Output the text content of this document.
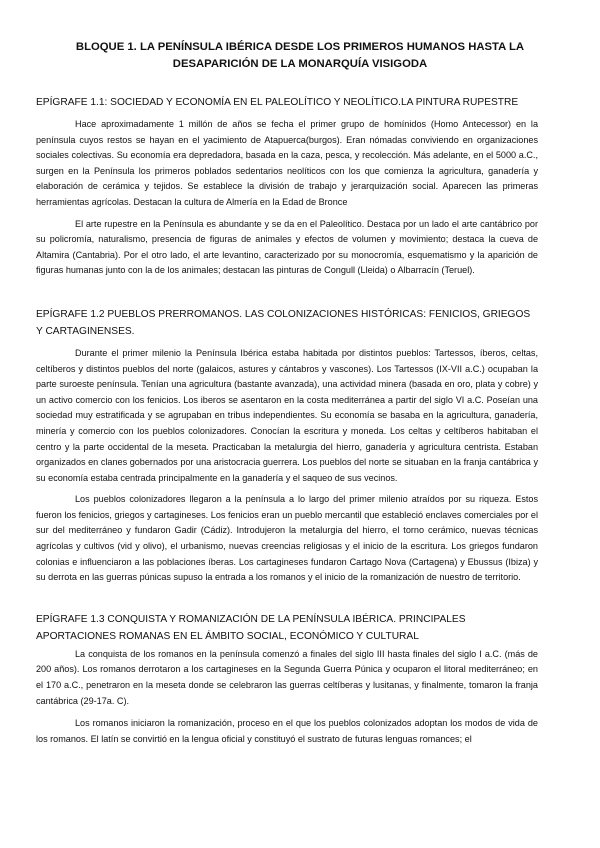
BLOQUE 1. LA PENÍNSULA IBÉRICA DESDE LOS PRIMEROS HUMANOS HASTA LA
DESAPARICIÓN DE LA MONARQUÍA VISIGODA
EPÍGRAFE 1.1: SOCIEDAD Y ECONOMÍA EN EL PALEOLÍTICO Y NEOLÍTICO.LA PINTURA RUPESTRE

Hace aproximadamente 1 millón de años se fecha el primer grupo de homínidos (Homo Antecessor) en la península cuyos restos se hayan en el yacimiento de Atapuerca(burgos). Eran nómadas conviviendo en organizaciones sociales colectivas. Su economía era depredadora, basada en la caza, pesca, y recolección. Más adelante, en el 5000 a.C., surgen en la Península los primeros poblados sedentarios neolíticos con los que comienza la agricultura, ganadería y elaboración de cerámica y tejidos. Se establece la división de trabajo y jerarquización social. Aparecen las primeras herramientas agrícolas. Destacan la cultura de Almería en la Edad de Bronce

El arte rupestre en la Península es abundante y se da en el Paleolítico. Destaca por un lado el arte cantábrico por su policromía, naturalismo, presencia de figuras de animales y efectos de volumen y movimiento; destaca la cueva de Altamira (Cantabria). Por el otro lado, el arte levantino, caracterizado por su monocromía, esquematismo y la aparición de figuras humanas junto con la de los animales; destacan las pinturas de Congull (Lleida) o Albarracín (Teruel).

EPÍGRAFE 1.2 PUEBLOS PRERROMANOS. LAS COLONIZACIONES HISTÓRICAS: FENICIOS, GRIEGOS Y CARTAGINENSES.

Durante el primer milenio la Península Ibérica estaba habitada por distintos pueblos: Tartessos, íberos, celtas, celtíberos y distintos pueblos del norte (galaicos, astures y cántabros y vascones). Los Tartessos (IX-VII a.C.) ocupaban la parte suroeste península. Tenían una agricultura (bastante avanzada), una actividad minera (basada en oro, plata y cobre) y un activo comercio con los fenicios. Los iberos se asentaron en la costa mediterránea a partir del siglo VI a.C. Poseían una sociedad muy estratificada y se agrupaban en tribus independientes. Su economía se basaba en la agricultura, ganadería, minería y comercio con los pueblos colonizadores. Conocían la escritura y moneda. Los celtas y celtíberos habitaban el centro y la parte occidental de la meseta. Practicaban la metalurgia del hierro, ganadería y agricultura centrista. Estaban organizados en clanes gobernados por una aristocracia guerrera. Los pueblos del norte se situaban en la franja cantábrica y su economía estaba centrada principalmente en la ganadería y el saqueo de sus vecinos.

Los pueblos colonizadores llegaron a la península a lo largo del primer milenio atraídos por su riqueza. Estos fueron los fenicios, griegos y cartagineses. Los fenicios eran un pueblo mercantil que estableció enclaves comerciales por el sur del mediterráneo y fundaron Gadir (Cádiz). Introdujeron la metalurgia del hierro, el torno cerámico, nuevas técnicas agrícolas y cultivos (vid y olivo), el urbanismo, nuevas creencias religiosas y el inicio de la escritura. Los griegos fundaron colonias e influenciaron a las poblaciones íberas. Los cartagineses fundaron Cartago Nova (Cartagena) y Ebussus (Ibiza) y su derrota en las guerras púnicas supuso la entrada a los romanos y el inicio de la romanización de nuestro de territorio.

EPÍGRAFE 1.3 CONQUISTA Y ROMANIZACIÓN DE LA PENÍNSULA IBÉRICA. PRINCIPALES APORTACIONES ROMANAS EN EL ÁMBITO SOCIAL, ECONÓMICO Y CULTURAL

La conquista de los romanos en la península comenzó a finales del siglo III hasta finales del siglo I a.C. (más de 200 años). Los romanos derrotaron a los cartagineses en la Segunda Guerra Púnica y ocuparon el litoral mediterráneo; en el 170 a.C., penetraron en la meseta donde se celebraron las guerras celtíberas y lusitanas, y finalmente, tomaron la franja cantábrica (29-17a. C).

Los romanos iniciaron la romanización, proceso en el que los pueblos colonizados adoptan los modos de vida de los romanos. El latín se convirtió en la lengua oficial y constituyó el sustrato de futuras lenguas romances; el
